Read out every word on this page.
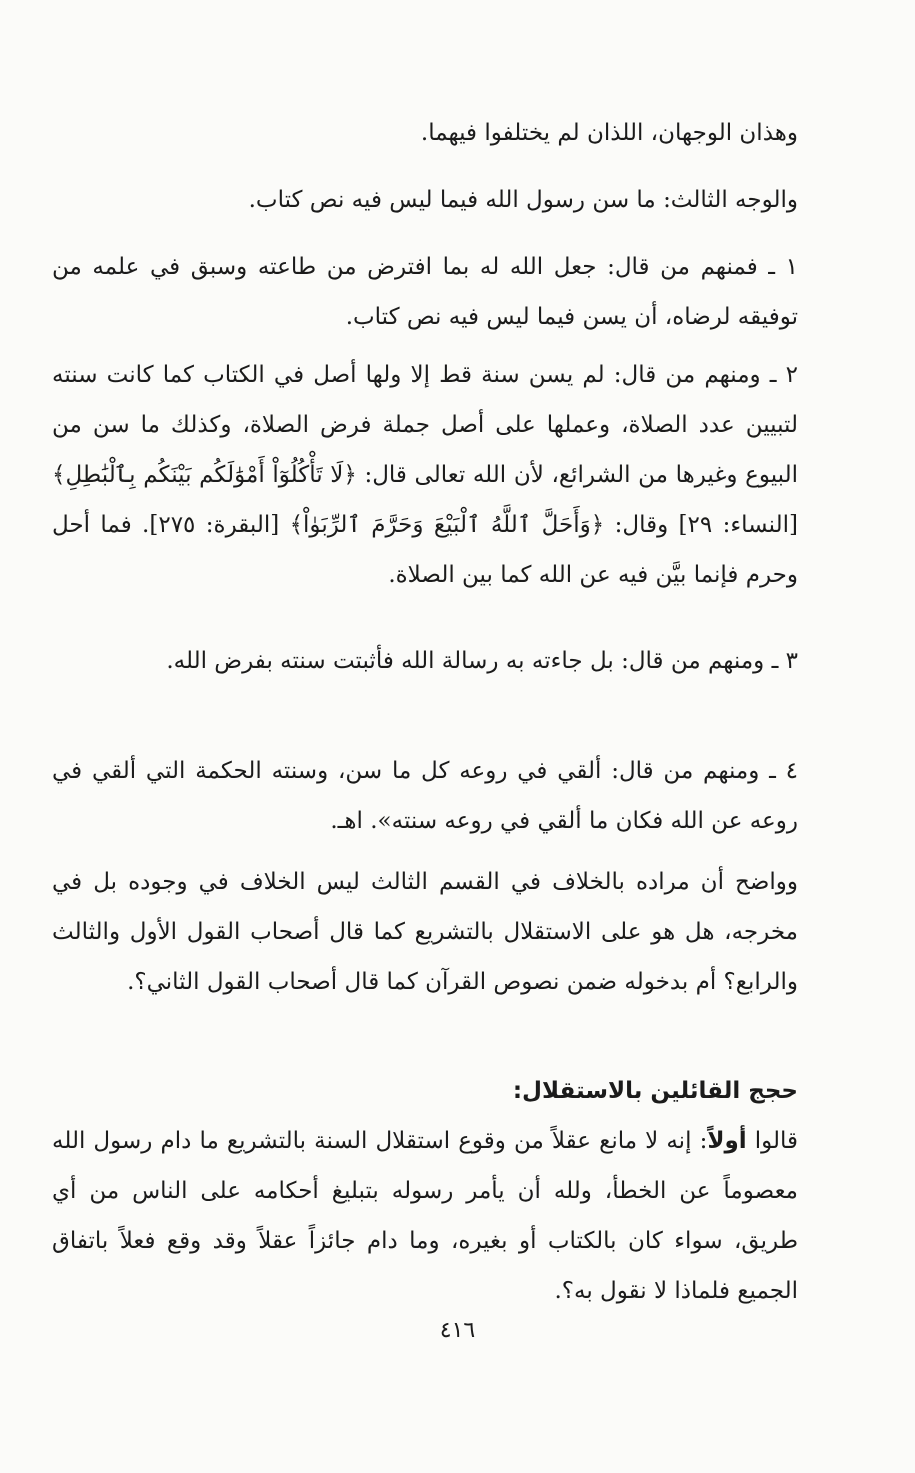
وهذان الوجهان، اللذان لم يختلفوا فيهما.

والوجه الثالث: ما سن رسول الله فيما ليس فيه نص كتاب.

١ ـ فمنهم من قال: جعل الله له بما افترض من طاعته وسبق في علمه من توفيقه لرضاه، أن يسن فيما ليس فيه نص كتاب.

٢ ـ ومنهم من قال: لم يسن سنة قط إلا ولها أصل في الكتاب كما كانت سنته لتبيين عدد الصلاة، وعملها على أصل جملة فرض الصلاة، وكذلك ما سن من البيوع وغيرها من الشرائع، لأن الله تعالى قال: ﴿لَا تَأْكُلُوٓاْ أَمْوَٰلَكُم بَيْنَكُم بِٱلْبَٰطِلِ﴾ [النساء: ٢٩] وقال: ﴿وَأَحَلَّ ٱللَّهُ ٱلْبَيْعَ وَحَرَّمَ ٱلرِّبَوٰاْ﴾ [البقرة: ٢٧٥]. فما أحل وحرم فإنما بيَّن فيه عن الله كما بين الصلاة.

٣ ـ ومنهم من قال: بل جاءته به رسالة الله فأثبتت سنته بفرض الله.

٤ ـ ومنهم من قال: ألقي في روعه كل ما سن، وسنته الحكمة التي ألقي في روعه عن الله فكان ما ألقي في روعه سنته». اهـ.

وواضح أن مراده بالخلاف في القسم الثالث ليس الخلاف في وجوده بل في مخرجه، هل هو على الاستقلال بالتشريع كما قال أصحاب القول الأول والثالث والرابع؟ أم بدخوله ضمن نصوص القرآن كما قال أصحاب القول الثاني؟.

حجج القائلين بالاستقلال:

قالوا أولاً: إنه لا مانع عقلاً من وقوع استقلال السنة بالتشريع ما دام رسول الله معصوماً عن الخطأ، ولله أن يأمر رسوله بتبليغ أحكامه على الناس من أي طريق، سواء كان بالكتاب أو بغيره، وما دام جائزاً عقلاً وقد وقع فعلاً باتفاق الجميع فلماذا لا نقول به؟.

٤١٦
